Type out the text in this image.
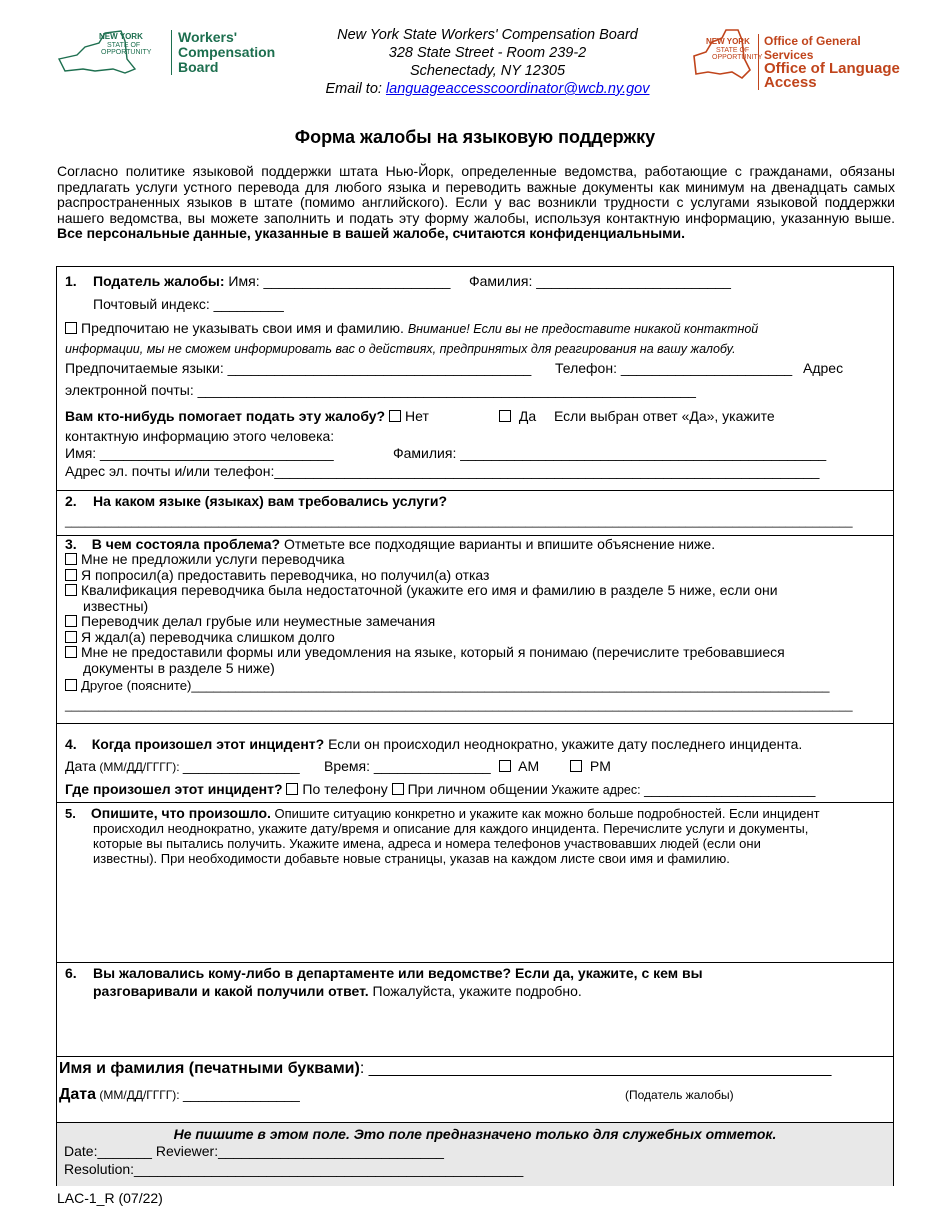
NEW YORK
STATE OF
OPPORTUNITY
Workers'
Compensation
Board
New York State Workers' Compensation Board
328 State Street - Room 239-2
Schenectady, NY 12305
Email to: languageaccesscoordinator@wcb.ny.gov
NEW YORK
STATE OF
OPPORTUNITY
Office of General Services
Office of Language Access
Форма жалобы на языковую поддержку
Согласно политике языковой поддержки штата Нью-Йорк, определенные ведомства, работающие с гражданами, обязаны предлагать услуги устного перевода для любого языка и переводить важные документы как минимум на двенадцать самых распространенных языков в штате (помимо английского). Если у вас возникли трудности с услугами языковой поддержки нашего ведомства, вы можете заполнить и подать эту форму жалобы, используя контактную информацию, указанную выше. Все персональные данные, указанные в вашей жалобе, считаются конфиденциальными.
1. Податель жалобы: Имя: ________________________ Фамилия: _________________________
Почтовый индекс: _________
Предпочитаю не указывать свои имя и фамилию. Внимание! Если вы не предоставите никакой контактной
информации, мы не сможем информировать вас о действиях, предпринятых для реагирования на вашу жалобу.
Предпочитаемые языки: _______________________________________ Телефон: ______________________ Адрес
электронной почты: ________________________________________________________________
Вам кто-нибудь помогает подать эту жалобу? Нет	Да Если выбран ответ «Да», укажите
контактную информацию этого человека:
Имя: ______________________________	Фамилия: _______________________________________________
Адрес эл. почты и/или телефон:______________________________________________________________________
2. На каком языке (языках) вам требовались услуги?
______________________________________________________________________________________________________________________
3. В чем состояла проблема? Отметьте все подходящие варианты и впишите объяснение ниже.
Мне не предложили услуги переводчика
Я попросил(а) предоставить переводчика, но получил(а) отказ
Квалификация переводчика была недостаточной (укажите его имя и фамилию в разделе 5 ниже, если они
известны)
Переводчик делал грубые или неуместные замечания
Я ждал(а) переводчика слишком долго
Мне не предоставили формы или уведомления на языке, который я понимаю (перечислите требовавшиеся
документы в разделе 5 ниже)
Другое (поясните)_______________________________________________________________________________________
______________________________________________________________________________________________________________________
4. Когда произошел этот инцидент? Если он происходил неоднократно, укажите дату последнего инцидента.
Дата (ММ/ДД/ГГГГ): _______________ Время: _______________	AM	PM
Где произошел этот инцидент? По телефону При личном общении Укажите адрес: ______________________
5. Опишите, что произошло. Опишите ситуацию конкретно и укажите как можно больше подробностей. Если инцидент
происходил неоднократно, укажите дату/время и описание для каждого инцидента. Перечислите услуги и документы,
которые вы пытались получить. Укажите имена, адреса и номера телефонов участвовавших людей (если они
известны). При необходимости добавьте новые страницы, указав на каждом листе свои имя и фамилию.
6. Вы жаловались кому-либо в департаменте или ведомстве? Если да, укажите, с кем вы
разговаривали и какой получили ответ. Пожалуйста, укажите подробно.
Имя и фамилия (печатными буквами): ____________________________________________________
Дата (ММ/ДД/ГГГГ): _______________	(Податель жалобы)
Не пишите в этом поле. Это поле предназначено только для служебных отметок.
Date:_______ Reviewer:_____________________________
Resolution:__________________________________________________
LAC-1_R (07/22)
